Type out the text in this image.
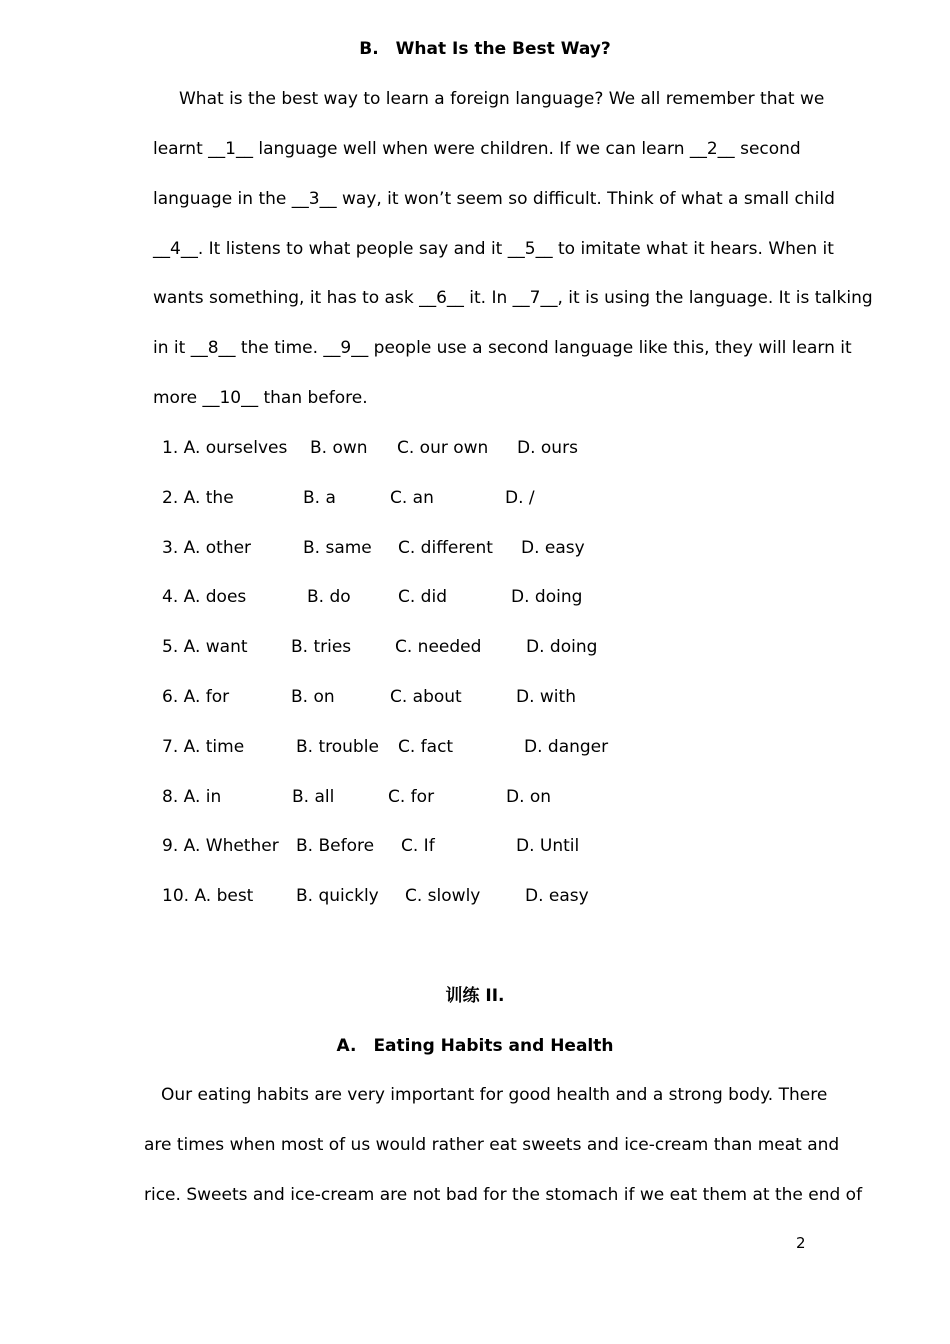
B. What Is the Best Way?
What is the best way to learn a foreign language? We all remember that we
learnt __1__ language well when were children. If we can learn __2__ second
language in the __3__ way, it won’t seem so difficult. Think of what a small child
__4__. It listens to what people say and it __5__ to imitate what it hears. When it
wants something, it has to ask __6__ it. In __7__, it is using the language. It is talking
in it __8__ the time. __9__ people use a second language like this, they will learn it
more __10__ than before.
1. A. ourselves B. own C. our own D. ours
2. A. the	B. a	C. an	D. /
3. A. other	B. same C. different D. easy
4. A. does	B. do	C. did	D. doing
5. A. want	B. tries	C. needed	D. doing
6. A. for	B. on	C. about	D. with
7. A. time	B. trouble C. fact	D. danger
8. A. in	B. all	C. for	D. on
9. A. Whether B. Before C. If	D. Until
10. A. best	B. quickly C. slowly	D. easy
训练 II.
A. Eating Habits and Health
Our eating habits are very important for good health and a strong body. There
are times when most of us would rather eat sweets and ice-cream than meat and
rice. Sweets and ice-cream are not bad for the stomach if we eat them at the end of
2
